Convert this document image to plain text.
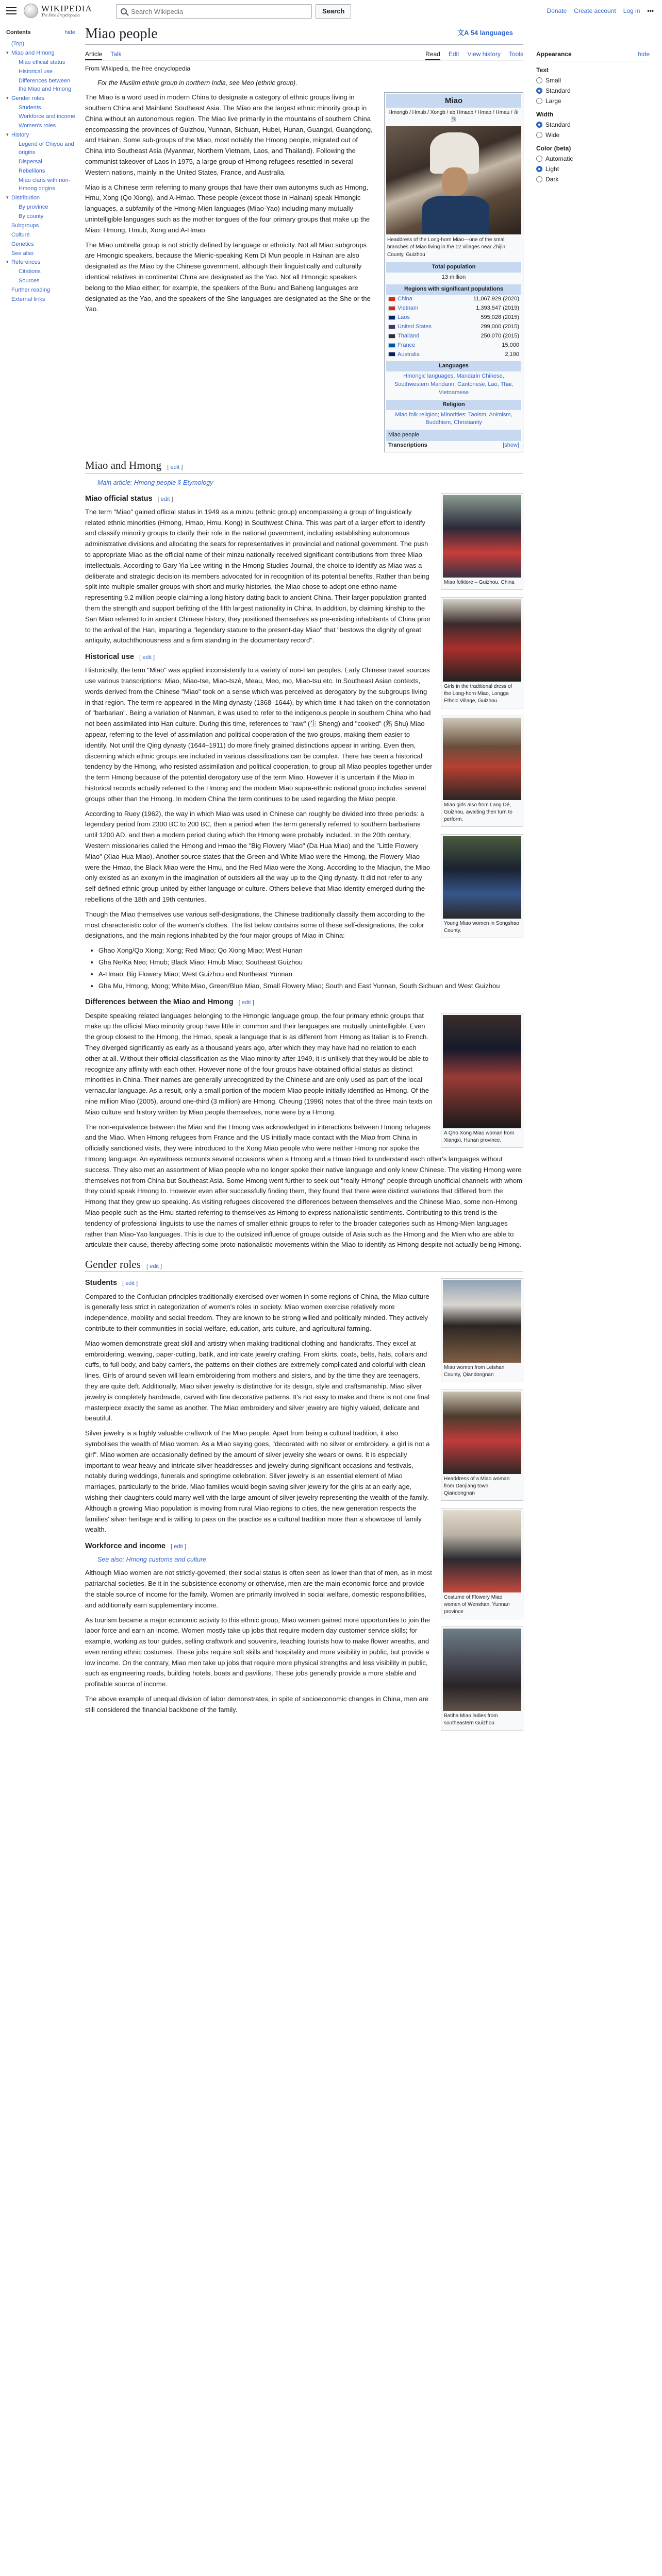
WIKIPEDIA
The Free Encyclopedia
Search Wikipedia
Search	Donate Create account Log in •••
Contents	hide
(Top)
▾ Miao and Hmong
Miao official status
Historical use
Differences between the Miao and Hmong
▾ Gender roles
Students
Workforce and income
Women's roles
▾ History
Legend of Chiyou and origins
Dispersal
Rebellions
Miao clans with non-Hmong origins
▾ Distribution
By province
By county
Subgroups
Culture
Genetics
See also
▾ References
Citations
Sources
Further reading
External links
Miao people	文A 54 languages
Article Talk	Read Edit View history Tools Appearance	hide
Text
Small
Standard
Large
Width
Standard
Wide
Color (beta)
Automatic
Light
Dark
From Wikipedia, the free encyclopedia
For the Muslim ethnic group in northern India, see Meo (ethnic group).
Miao
Hmongb / Hmub / Xongb / ab Hmaob / Hmao / Hmau / 苗族
Headdress of the Long-horn Miao—one of the small branches of Miao living in the 12 villages near Zhijin County, Guizhou
Total population
13 million
Regions with significant populations
China	11,067,929 (2020)
Vietnam	1,393,547 (2019)
Laos	595,028 (2015)
United States	299,000 (2015)
Thailand	250,070 (2015)
France	15,000
Australia	2,190
Languages
Hmongic languages, Mandarin Chinese, Southwestern Mandarin, Cantonese, Lao, Thai, Vietnamese
Religion
Miao folk religion; Minorities: Taoism, Animism, Buddhism, Christianity
Miao people
Transcriptions	[show]

The Miao is a word used in modern China to designate a category of ethnic groups living in southern China and Mainland Southeast Asia. The Miao are the largest ethnic minority group in China without an autonomous region. The Miao live primarily in the mountains of southern China encompassing the provinces of Guizhou, Yunnan, Sichuan, Hubei, Hunan, Guangxi, Guangdong, and Hainan. Some sub-groups of the Miao, most notably the Hmong people, migrated out of China into Southeast Asia (Myanmar, Northern Vietnam, Laos, and Thailand). Following the communist takeover of Laos in 1975, a large group of Hmong refugees resettled in several Western nations, mainly in the United States, France, and Australia.

Miao is a Chinese term referring to many groups that have their own autonyms such as Hmong, Hmu, Xong (Qo Xiong), and A-Hmao. These people (except those in Hainan) speak Hmongic languages, a subfamily of the Hmong-Mien languages (Miao-Yao) including many mutually unintelligible languages such as the mother tongues of the four primary groups that make up the Miao: Hmong, Hmub, Xong and A-Hmao.

The Miao umbrella group is not strictly defined by language or ethnicity. Not all Miao subgroups are Hmongic speakers, because the Mienic-speaking Kem Di Mun people in Hainan are also designated as the Miao by the Chinese government, although their linguistically and culturally identical relatives in continental China are designated as the Yao. Not all Hmongic speakers belong to the Miao either; for example, the speakers of the Bunu and Baheng languages are designated as the Yao, and the speakers of the She languages are designated as the She or the Yao.

Miao and Hmong [ edit ]
Main article: Hmong people § Etymology
Miao folklore – Guizhou, China
Girls in the traditional dress of the Long-horn Miao, Longga Ethnic Village, Guizhou.
Miao girls also from Lang Dé, Guizhou, awaiting their turn to perform.
Young Miao women in Songshao County.
Miao official status [ edit ]

The term "Miao" gained official status in 1949 as a minzu (ethnic group) encompassing a group of linguistically related ethnic minorities (Hmong, Hmao, Hmu, Kong) in Southwest China. This was part of a larger effort to identify and classify minority groups to clarify their role in the national government, including establishing autonomous administrative divisions and allocating the seats for representatives in provincial and national government. The push to appropriate Miao as the official name of their minzu nationally received significant contributions from three Miao intellectuals. According to Gary Yia Lee writing in the Hmong Studies Journal, the choice to identify as Miao was a deliberate and strategic decision its members advocated for in recognition of its potential benefits. Rather than being split into multiple smaller groups with short and murky histories, the Miao chose to adopt one ethno-name representing 9.2 million people claiming a long history dating back to ancient China. Their larger population granted them the strength and support befitting of the fifth largest nationality in China. In addition, by claiming kinship to the San Miao referred to in ancient Chinese history, they positioned themselves as pre-existing inhabitants of China prior to the arrival of the Han, imparting a "legendary stature to the present-day Miao" that "bestows the dignity of great antiquity, autochthonousness and a firm standing in the documentary record".

Historical use [ edit ]

Historically, the term "Miao" was applied inconsistently to a variety of non-Han peoples. Early Chinese travel sources use various transcriptions: Miao, Miao-tse, Miao-tszè, Meau, Meo, mo, Miao-tsu etc. In Southeast Asian contexts, words derived from the Chinese "Miao" took on a sense which was perceived as derogatory by the subgroups living in that region. The term re-appeared in the Ming dynasty (1368–1644), by which time it had taken on the connotation of "barbarian". Being a variation of Nanman, it was used to refer to the indigenous people in southern China who had not been assimilated into Han culture. During this time, references to "raw" (生 Sheng) and "cooked" (熟 Shu) Miao appear, referring to the level of assimilation and political cooperation of the two groups, making them easier to identify. Not until the Qing dynasty (1644–1911) do more finely grained distinctions appear in writing. Even then, discerning which ethnic groups are included in various classifications can be complex. There has been a historical tendency by the Hmong, who resisted assimilation and political cooperation, to group all Miao peoples together under the term Hmong because of the potential derogatory use of the term Miao. However it is uncertain if the Miao in historical records actually referred to the Hmong and the modern Miao supra-ethnic national group includes several groups other than the Hmong. In modern China the term continues to be used regarding the Miao people.

According to Ruey (1962), the way in which Miao was used in Chinese can roughly be divided into three periods: a legendary period from 2300 BC to 200 BC, then a period when the term generally referred to southern barbarians until 1200 AD, and then a modern period during which the Hmong were probably included. In the 20th century, Western missionaries called the Hmong and Hmao the "Big Flowery Miao" (Da Hua Miao) and the "Little Flowery Miao" (Xiao Hua Miao). Another source states that the Green and White Miao were the Hmong, the Flowery Miao were the Hmao, the Black Miao were the Hmu, and the Red Miao were the Xong. According to the Miaojun, the Miao only existed as an exonym in the imagination of outsiders all the way up to the Qing dynasty. It did not refer to any self-defined ethnic group united by either language or culture. Others believe that Miao identity emerged during the rebellions of the 18th and 19th centuries.

Though the Miao themselves use various self-designations, the Chinese traditionally classify them according to the most characteristic color of the women's clothes. The list below contains some of these self-designations, the color designations, and the main regions inhabited by the four major groups of Miao in China:

• Ghao Xong/Qo Xiong; Xong; Red Miao; Qo Xiong Miao; West Hunan
• Gha Ne/Ka Neo; Hmub; Black Miao; Hmub Miao; Southeast Guizhou
• A-Hmao; Big Flowery Miao; West Guizhou and Northeast Yunnan
• Gha Mu, Hmong, Mong; White Miao, Green/Blue Miao, Small Flowery Miao; South and East Yunnan, South Sichuan and West Guizhou
Differences between the Miao and Hmong [ edit ]
A Qho Xong Miao woman from Xiangxi, Hunan province.

Despite speaking related languages belonging to the Hmongic language group, the four primary ethnic groups that make up the official Miao minority group have little in common and their languages are mutually unintelligible. Even the group closest to the Hmong, the Hmao, speak a language that is as different from Hmong as Italian is to French. They diverged significantly as early as a thousand years ago, after which they may have had no relation to each other at all. Without their official classification as the Miao minority after 1949, it is unlikely that they would be able to recognize any affinity with each other. However none of the four groups have obtained official status as distinct minorities in China. Their names are generally unrecognized by the Chinese and are only used as part of the local vernacular language. As a result, only a small portion of the modern Miao people initially identified as Hmong. Of the nine million Miao (2005), around one-third (3 million) are Hmong. Cheung (1996) notes that of the three main texts on Miao culture and history written by Miao people themselves, none were by a Hmong.

The non-equivalence between the Miao and the Hmong was acknowledged in interactions between Hmong refugees and the Miao. When Hmong refugees from France and the US initially made contact with the Miao from China in officially sanctioned visits, they were introduced to the Xong Miao people who were neither Hmong nor spoke the Hmong language. An eyewitness recounts several occasions when a Hmong and a Hmao tried to understand each other's languages without success. They also met an assortment of Miao people who no longer spoke their native language and only knew Chinese. The visiting Hmong were themselves not from China but Southeast Asia. Some Hmong went further to seek out "really Hmong" people through unofficial channels with whom they could speak Hmong to. However even after successfully finding them, they found that there were distinct variations that differed from the Hmong that they grew up speaking. As visiting refugees discovered the differences between themselves and the Chinese Miao, some non-Hmong Miao people such as the Hmu started referring to themselves as Hmong to express nationalistic sentiments. Contributing to this trend is the tendency of professional linguists to use the names of smaller ethnic groups to refer to the broader categories such as Hmong-Mien languages rather than Miao-Yao languages. This is due to the outsized influence of groups outside of Asia such as the Hmong and the Mien who are able to articulate their cause, thereby affecting some proto-nationalistic movements within the Miao to identify as Hmong despite not actually being Hmong.

Gender roles [ edit ]
Miao women from Leishan County, Qiandongnan
Headdress of a Miao woman from Danjiang town, Qiandongnan
Costume of Flowery Miao women of Wenshan, Yunnan province
Batiha Miao ladies from southeastern Guizhou
Students [ edit ]

Compared to the Confucian principles traditionally exercised over women in some regions of China, the Miao culture is generally less strict in categorization of women's roles in society. Miao women exercise relatively more independence, mobility and social freedom. They are known to be strong willed and politically minded. They actively contribute to their communities in social welfare, education, arts culture, and agricultural farming.

Miao women demonstrate great skill and artistry when making traditional clothing and handicrafts. They excel at embroidering, weaving, paper-cutting, batik, and intricate jewelry crafting. From skirts, coats, belts, hats, collars and cuffs, to full-body, and baby carriers, the patterns on their clothes are extremely complicated and colorful with clean lines. Girls of around seven will learn embroidering from mothers and sisters, and by the time they are teenagers, they are quite deft. Additionally, Miao silver jewelry is distinctive for its design, style and craftsmanship. Miao silver jewelry is completely handmade, carved with fine decorative patterns. It's not easy to make and there is not one final masterpiece exactly the same as another. The Miao embroidery and silver jewelry are highly valued, delicate and beautiful.

Silver jewelry is a highly valuable craftwork of the Miao people. Apart from being a cultural tradition, it also symbolises the wealth of Miao women. As a Miao saying goes, "decorated with no silver or embroidery, a girl is not a girl". Miao women are occasionally defined by the amount of silver jewelry she wears or owns. It is especially important to wear heavy and intricate silver headdresses and jewelry during significant occasions and festivals, notably during weddings, funerals and springtime celebration. Silver jewelry is an essential element of Miao marriages, particularly to the bride. Miao families would begin saving silver jewelry for the girls at an early age, wishing their daughters could marry well with the large amount of silver jewelry representing the wealth of the family. Although a growing Miao population is moving from rural Miao regions to cities, the new generation respects the families' silver heritage and is willing to pass on the practice as a cultural tradition more than a showcase of family wealth.

Workforce and income [ edit ]
See also: Hmong customs and culture

Although Miao women are not strictly-governed, their social status is often seen as lower than that of men, as in most patriarchal societies. Be it in the subsistence economy or otherwise, men are the main economic force and provide the stable source of income for the family. Women are primarily involved in social welfare, domestic responsibilities, and additionally earn supplementary income.

As tourism became a major economic activity to this ethnic group, Miao women gained more opportunities to join the labor force and earn an income. Women mostly take up jobs that require modern day customer service skills; for example, working as tour guides, selling craftwork and souvenirs, teaching tourists how to make flower wreaths, and even renting ethnic costumes. These jobs require soft skills and hospitality and more visibility in public, but provide a low income. On the contrary, Miao men take up jobs that require more physical strengths and less visibility in public, such as engineering roads, building hotels, boats and pavilions. These jobs generally provide a more stable and profitable source of income.

The above example of unequal division of labor demonstrates, in spite of socioeconomic changes in China, men are still considered the financial backbone of the family.
